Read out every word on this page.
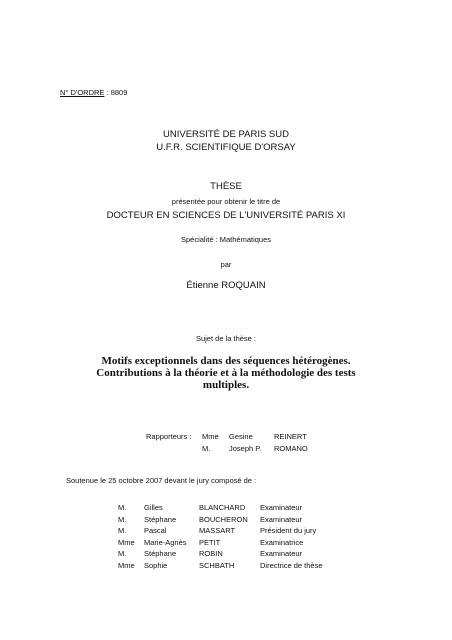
N° D'ORDRE : 8809
UNIVERSITÉ DE PARIS SUD
U.F.R. SCIENTIFIQUE D'ORSAY
THÈSE
présentée pour obtenir le titre de
DOCTEUR EN SCIENCES DE L'UNIVERSITÉ PARIS XI
Spécialité : Mathématiques
par
Étienne ROQUAIN
Sujet de la thèse :
Motifs exceptionnels dans des séquences hétérogènes.
Contributions à la théorie et à la méthodologie des tests
multiples.
Rapporteurs :	Mme	Gesine	REINERT
	M.	Joseph P.	ROMANO
Soutenue le 25 octobre 2007 devant le jury composé de :
M.	Gilles	BLANCHARD	Examinateur
M.	Stéphane	BOUCHERON	Examinateur
M.	Pascal	MASSART	Président du jury
Mme	Marie-Agnès	PETIT	Examinatrice
M.	Stéphane	ROBIN	Examinateur
Mme	Sophie	SCHBATH	Directrice de thèse
